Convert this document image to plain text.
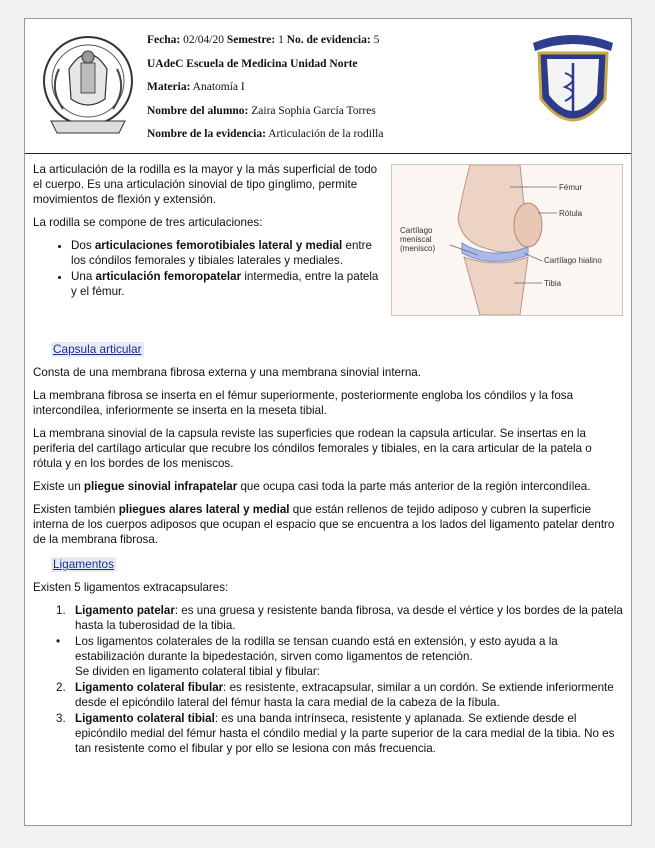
Fecha: 02/04/20 Semestre: 1 No. de evidencia: 5
UAdeC Escuela de Medicina Unidad Norte
Materia: Anatomía I
Nombre del alumno: Zaira Sophia García Torres
Nombre de la evidencia: Articulación de la rodilla

La articulación de la rodilla es la mayor y la más superficial de todo el cuerpo. Es una articulación sinovial de tipo gínglimo, permite movimientos de flexión y extensión.

La rodilla se compone de tres articulaciones:

• Dos articulaciones femorotibiales lateral y medial entre los cóndilos femorales y tibiales laterales y mediales.
• Una articulación femoropatelar intermedia, entre la patela y el fémur.
Fémur
Rótula
Cartílago
meniscal
(menisco)
Cartílago hialino
Tibia
Capsula articular

Consta de una membrana fibrosa externa y una membrana sinovial interna.

La membrana fibrosa se inserta en el fémur superiormente, posteriormente engloba los cóndilos y la fosa intercondílea, inferiormente se inserta en la meseta tibial.

La membrana sinovial de la capsula reviste las superficies que rodean la capsula articular. Se insertas en la periferia del cartílago articular que recubre los cóndilos femorales y tibiales, en la cara articular de la patela o rótula y en los bordes de los meniscos.

Existe un pliegue sinovial infrapatelar que ocupa casi toda la parte más anterior de la región intercondílea.

Existen también pliegues alares lateral y medial que están rellenos de tejido adiposo y cubren la superficie interna de los cuerpos adiposos que ocupan el espacio que se encuentra a los lados del ligamento patelar dentro de la membrana fibrosa.

Ligamentos

Existen 5 ligamentos extracapsulares:

1. Ligamento patelar: es una gruesa y resistente banda fibrosa, va desde el vértice y los bordes de la patela hasta la tuberosidad de la tibia.
• Los ligamentos colaterales de la rodilla se tensan cuando está en extensión, y esto ayuda a la estabilización durante la bipedestación, sirven como ligamentos de retención.
Se dividen en ligamento colateral tibial y fibular:
2. Ligamento colateral fibular: es resistente, extracapsular, similar a un cordón. Se extiende inferiormente desde el epicóndilo lateral del fémur hasta la cara medial de la cabeza de la fíbula.
3. Ligamento colateral tibial: es una banda intrínseca, resistente y aplanada. Se extiende desde el epicóndilo medial del fémur hasta el cóndilo medial y la parte superior de la cara medial de la tibia. No es tan resistente como el fibular y por ello se lesiona con más frecuencia.
